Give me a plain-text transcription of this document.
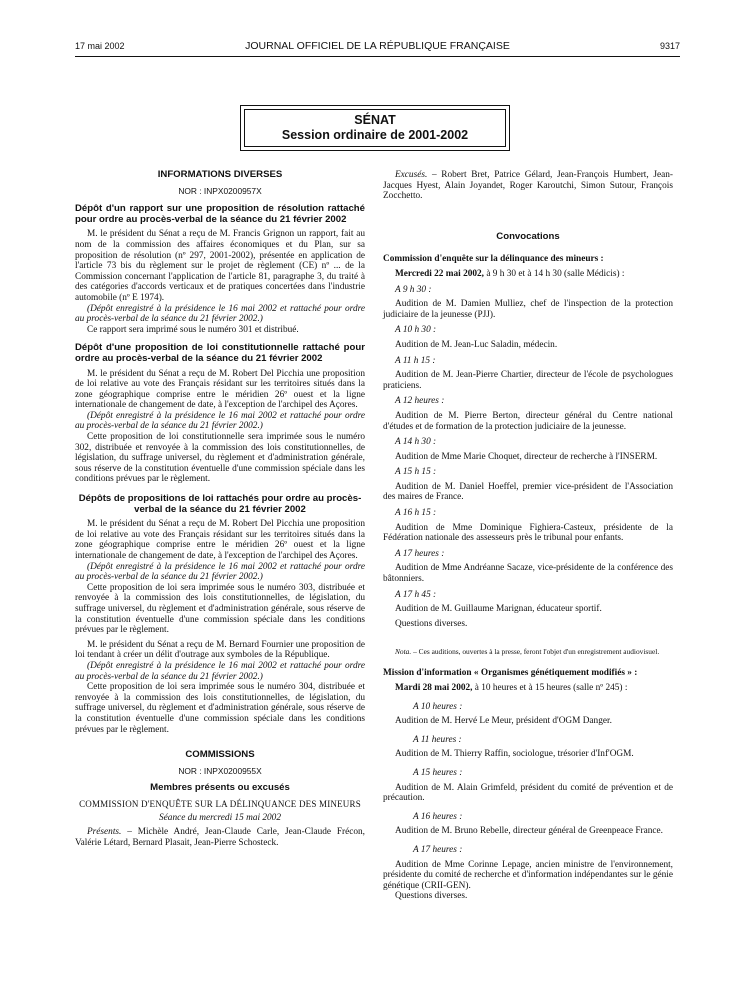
17 mai 2002	JOURNAL OFFICIEL DE LA RÉPUBLIQUE FRANÇAISE	9317
SÉNAT
Session ordinaire de 2001-2002
INFORMATIONS DIVERSES
NOR : INPX0200957X
Dépôt d'un rapport sur une proposition de résolution rattaché pour ordre au procès-verbal de la séance du 21 février 2002

M. le président du Sénat a reçu de M. Francis Grignon un rapport, fait au nom de la commission des affaires économiques et du Plan, sur sa proposition de résolution (nº 297, 2001-2002), présentée en application de l'article 73 bis du règlement sur le projet de règlement (CE) nº ... de la Commission concernant l'application de l'article 81, paragraphe 3, du traité à des catégories d'accords verticaux et de pratiques concertées dans l'industrie automobile (nº E 1974).

(Dépôt enregistré à la présidence le 16 mai 2002 et rattaché pour ordre au procès-verbal de la séance du 21 février 2002.)

Ce rapport sera imprimé sous le numéro 301 et distribué.

Dépôt d'une proposition de loi constitutionnelle rattaché pour ordre au procès-verbal de la séance du 21 février 2002

M. le président du Sénat a reçu de M. Robert Del Picchia une proposition de loi relative au vote des Français résidant sur les territoires situés dans la zone géographique comprise entre le méridien 26º ouest et la ligne internationale de changement de date, à l'exception de l'archipel des Açores.

(Dépôt enregistré à la présidence le 16 mai 2002 et rattaché pour ordre au procès-verbal de la séance du 21 février 2002.)

Cette proposition de loi constitutionnelle sera imprimée sous le numéro 302, distribuée et renvoyée à la commission des lois constitutionnelles, de législation, du suffrage universel, du règlement et d'administration générale, sous réserve de la constitution éventuelle d'une commission spéciale dans les conditions prévues par le règlement.

Dépôts de propositions de loi rattachés pour ordre au procès-verbal de la séance du 21 février 2002

M. le président du Sénat a reçu de M. Robert Del Picchia une proposition de loi relative au vote des Français résidant sur les territoires situés dans la zone géographique comprise entre le méridien 26º ouest et la ligne internationale de changement de date, à l'exception de l'archipel des Açores.

(Dépôt enregistré à la présidence le 16 mai 2002 et rattaché pour ordre au procès-verbal de la séance du 21 février 2002.)

Cette proposition de loi sera imprimée sous le numéro 303, distribuée et renvoyée à la commission des lois constitutionnelles, de législation, du suffrage universel, du règlement et d'administration générale, sous réserve de la constitution éventuelle d'une commission spéciale dans les conditions prévues par le règlement.

M. le président du Sénat a reçu de M. Bernard Fournier une proposition de loi tendant à créer un délit d'outrage aux symboles de la République.

(Dépôt enregistré à la présidence le 16 mai 2002 et rattaché pour ordre au procès-verbal de la séance du 21 février 2002.)

Cette proposition de loi sera imprimée sous le numéro 304, distribuée et renvoyée à la commission des lois constitutionnelles, de législation, du suffrage universel, du règlement et d'administration générale, sous réserve de la constitution éventuelle d'une commission spéciale dans les conditions prévues par le règlement.

COMMISSIONS
NOR : INPX0200955X
Membres présents ou excusés

COMMISSION D'ENQUÊTE SUR LA DÉLINQUANCE DES MINEURS

Séance du mercredi 15 mai 2002

Présents. – Michèle André, Jean-Claude Carle, Jean-Claude Frécon, Valérie Létard, Bernard Plasait, Jean-Pierre Schosteck.

Excusés. – Robert Bret, Patrice Gélard, Jean-François Humbert, Jean-Jacques Hyest, Alain Joyandet, Roger Karoutchi, Simon Sutour, François Zocchetto.

Convocations

Commission d'enquête sur la délinquance des mineurs :

Mercredi 22 mai 2002, à 9 h 30 et à 14 h 30 (salle Médicis) :

A 9 h 30 :

Audition de M. Damien Mulliez, chef de l'inspection de la protection judiciaire de la jeunesse (PJJ).

A 10 h 30 :

Audition de M. Jean-Luc Saladin, médecin.

A 11 h 15 :

Audition de M. Jean-Pierre Chartier, directeur de l'école de psychologues praticiens.

A 12 heures :

Audition de M. Pierre Berton, directeur général du Centre national d'études et de formation de la protection judiciaire de la jeunesse.

A 14 h 30 :

Audition de Mme Marie Choquet, directeur de recherche à l'INSERM.

A 15 h 15 :

Audition de M. Daniel Hoeffel, premier vice-président de l'Association des maires de France.

A 16 h 15 :

Audition de Mme Dominique Fighiera-Casteux, présidente de la Fédération nationale des assesseurs près le tribunal pour enfants.

A 17 heures :

Audition de Mme Andréanne Sacaze, vice-présidente de la conférence des bâtonniers.

A 17 h 45 :

Audition de M. Guillaume Marignan, éducateur sportif.

Questions diverses.

Nota. – Ces auditions, ouvertes à la presse, feront l'objet d'un enregistrement audiovisuel.

Mission d'information « Organismes génétiquement modifiés » :

Mardi 28 mai 2002, à 10 heures et à 15 heures (salle nº 245) :

A 10 heures :

Audition de M. Hervé Le Meur, président d'OGM Danger.

A 11 heures :

Audition de M. Thierry Raffin, sociologue, trésorier d'Inf'OGM.

A 15 heures :

Audition de M. Alain Grimfeld, président du comité de prévention et de précaution.

A 16 heures :

Audition de M. Bruno Rebelle, directeur général de Greenpeace France.

A 17 heures :

Audition de Mme Corinne Lepage, ancien ministre de l'environnement, présidente du comité de recherche et d'information indépendantes sur le génie génétique (CRII-GEN).

Questions diverses.
